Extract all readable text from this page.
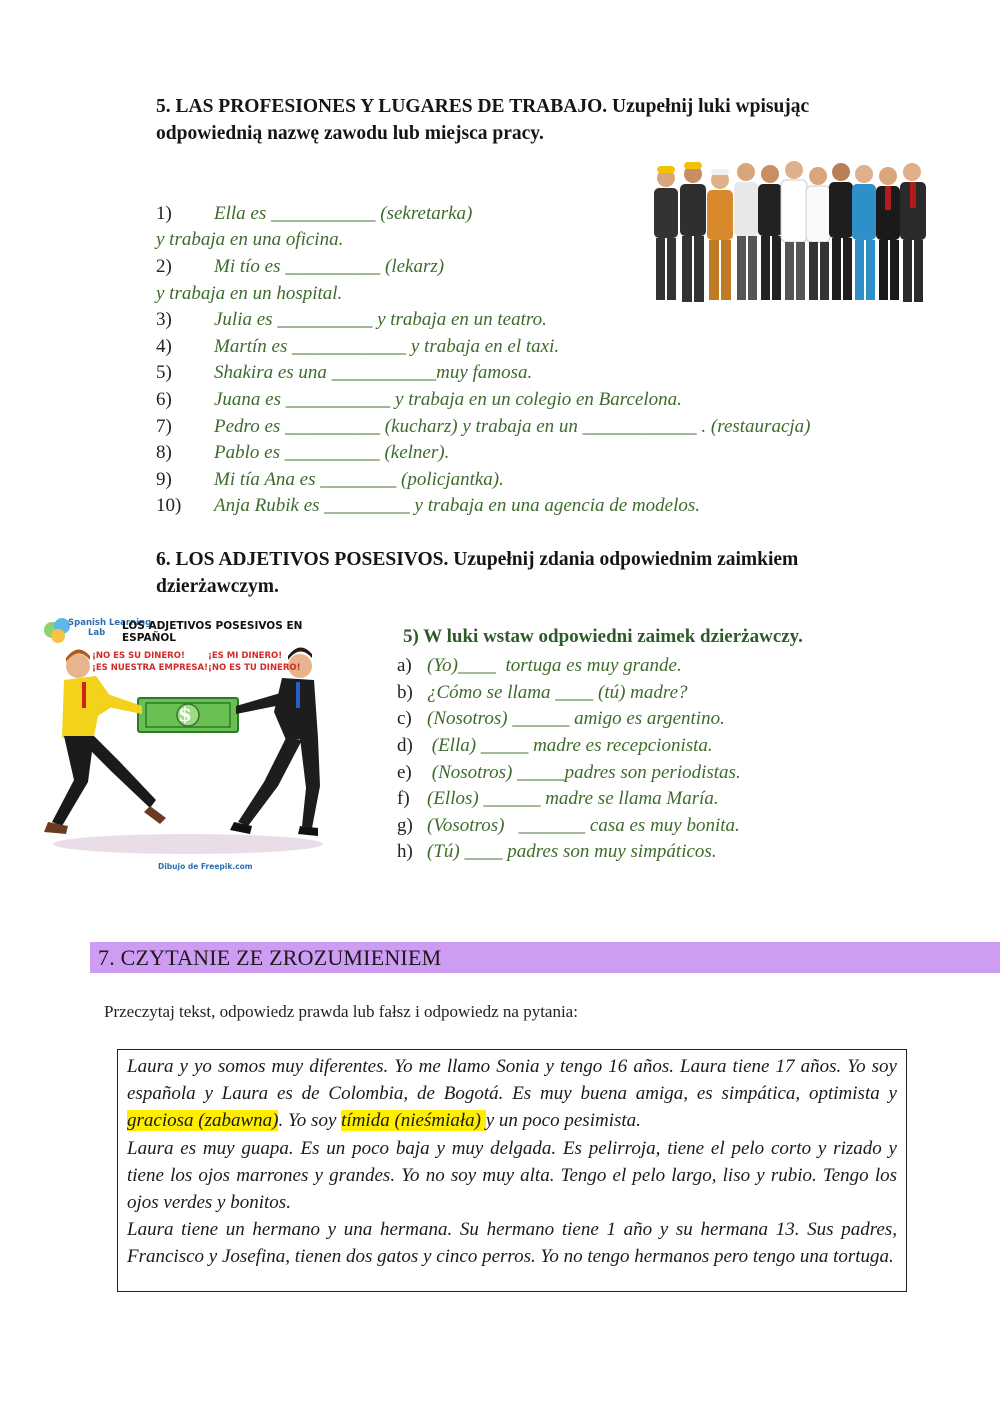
5. LAS PROFESIONES Y LUGARES DE TRABAJO. Uzupełnij luki wpisując
odpowiednią nazwę zawodu lub miejsca pracy.
1) Ella es ___________ (sekretarka)
y trabaja en una oficina.
2) Mi tío es __________ (lekarz)
y trabaja en un hospital.
3) Julia es __________ y trabaja en un teatro.
4) Martín es ____________ y trabaja en el taxi.
5) Shakira es una ___________muy famosa.
6) Juana es ___________ y trabaja en un colegio en Barcelona.
7) Pedro es __________ (kucharz) y trabaja en un ____________ . (restauracja)
8) Pablo es __________ (kelner).
9) Mi tía Ana es ________ (policjantka).
10) Anja Rubik es _________ y trabaja en una agencia de modelos.
6. LOS ADJETIVOS POSESIVOS. Uzupełnij zdania odpowiednim zaimkiem
dzierżawczym.
Spanish Learning
Lab
LOS ADJETIVOS POSESIVOS EN ESPAÑOL
¡NO ES SU DINERO!
¡ES NUESTRA EMPRESA!
¡ES MI DINERO!
¡NO ES TU DINERO!
$
Dibujo de Freepik.com
5) W luki wstaw odpowiedni zaimek dzierżawczy.
a) (Yo)____  tortuga es muy grande.
b) ¿Cómo se llama ____ (tú) madre?
c) (Nosotros) ______ amigo es argentino.
d) (Ella) _____ madre es recepcionista.
e) (Nosotros) _____padres son periodistas.
f) (Ellos) ______ madre se llama María.
g) (Vosotros)   _______ casa es muy bonita.
h) (Tú) ____ padres son muy simpáticos.
7. CZYTANIE ZE ZROZUMIENIEM
Przeczytaj tekst, odpowiedz prawda lub fałsz i odpowiedz na pytania:

Laura y yo somos muy diferentes. Yo me llamo Sonia y tengo 16 años. Laura tiene 17 años. Yo soy española y Laura es de Colombia, de Bogotá. Es muy buena amiga, es simpática, optimista y graciosa (zabawna). Yo soy tímida (nieśmiała) y un poco pesimista.

Laura es muy guapa. Es un poco baja y muy delgada. Es pelirroja, tiene el pelo corto y rizado y tiene los ojos marrones y grandes. Yo no soy muy alta. Tengo el pelo largo, liso y rubio. Tengo los ojos verdes y bonitos.

Laura tiene un hermano y una hermana. Su hermano tiene 1 año y su hermana 13. Sus padres, Francisco y Josefina, tienen dos gatos y cinco perros. Yo no tengo hermanos pero tengo una tortuga.
